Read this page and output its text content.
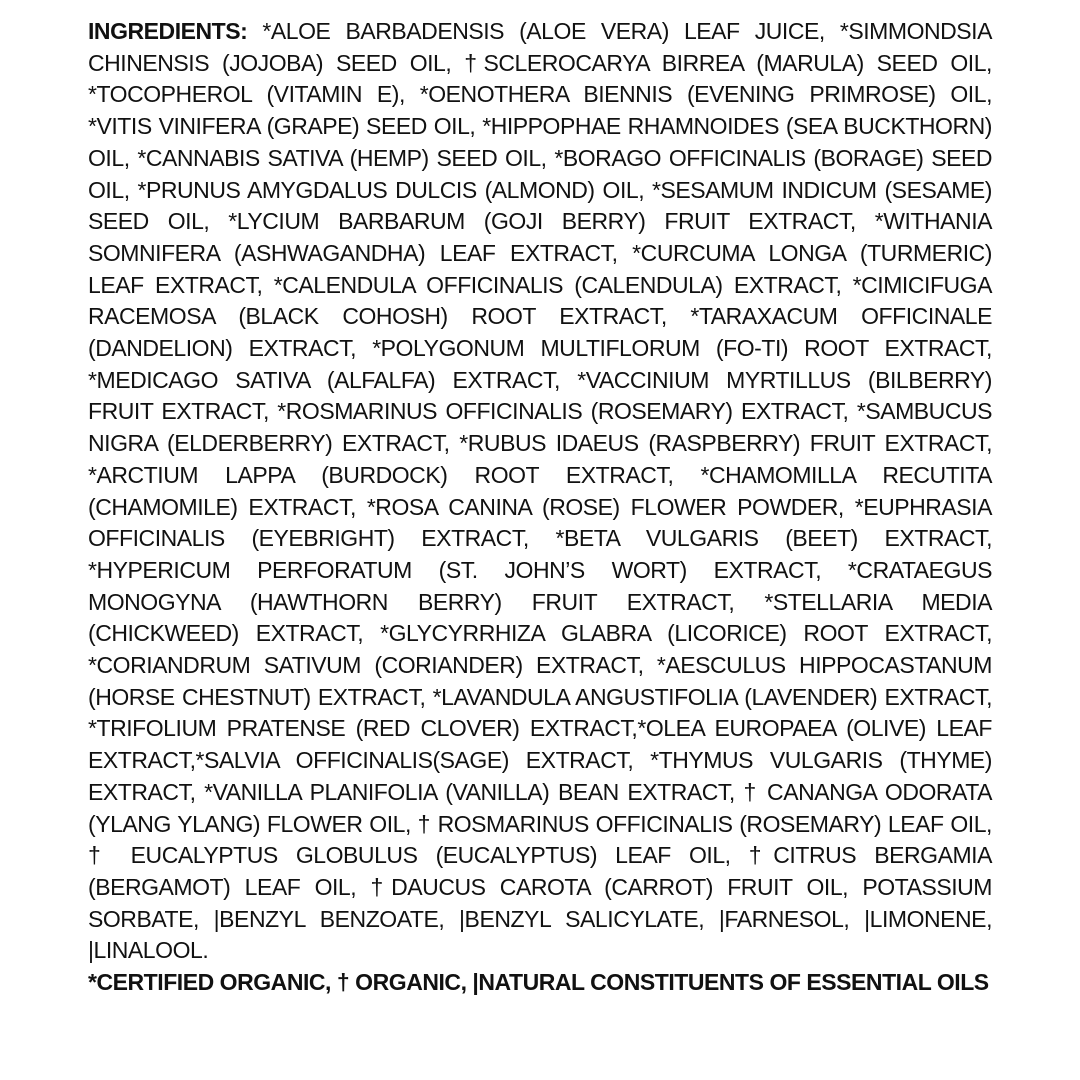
INGREDIENTS: *ALOE BARBADENSIS (ALOE VERA) LEAF JUICE, *SIMMONDSIA CHINENSIS (JOJOBA) SEED OIL, †SCLEROCARYA BIRREA (MARULA) SEED OIL, *TOCOPHEROL (VITAMIN E), *OENOTHERA BIENNIS (EVENING PRIMROSE) OIL, *VITIS VINIFERA (GRAPE) SEED OIL, *HIPPOPHAE RHAMNOIDES (SEA BUCKTHORN) OIL, *CANNABIS SATIVA (HEMP) SEED OIL, *BORAGO OFFICINALIS (BORAGE) SEED OIL, *PRUNUS AMYGDALUS DULCIS (ALMOND) OIL, *SESAMUM INDICUM (SESAME) SEED OIL, *LYCIUM BARBARUM (GOJI BERRY) FRUIT EXTRACT, *WITHANIA SOMNIFERA (ASHWAGANDHA) LEAF EXTRACT, *CURCUMA LONGA (TURMERIC) LEAF EXTRACT, *CALENDULA OFFICINALIS (CALENDULA) EXTRACT, *CIMICIFUGA RACEMOSA (BLACK COHOSH) ROOT EXTRACT, *TARAXACUM OFFICINALE (DANDELION) EXTRACT, *POLYGONUM MULTIFLORUM (FO-TI) ROOT EXTRACT, *MEDICAGO SATIVA (ALFALFA) EXTRACT, *VACCINIUM MYRTILLUS (BILBERRY) FRUIT EXTRACT, *ROSMARINUS OFFICINALIS (ROSEMARY) EXTRACT, *SAMBUCUS NIGRA (ELDERBERRY) EXTRACT, *RUBUS IDAEUS (RASPBERRY) FRUIT EXTRACT, *ARCTIUM LAPPA (BURDOCK) ROOT EXTRACT, *CHAMOMILLA RECUTITA (CHAMOMILE) EXTRACT, *ROSA CANINA (ROSE) FLOWER POWDER, *EUPHRASIA OFFICINALIS (EYEBRIGHT) EXTRACT, *BETA VULGARIS (BEET) EXTRACT, *HYPERICUM PERFORATUM (ST. JOHN’S WORT) EXTRACT, *CRATAEGUS MONOGYNA (HAWTHORN BERRY) FRUIT EXTRACT, *STELLARIA MEDIA (CHICKWEED) EXTRACT, *GLYCYRRHIZA GLABRA (LICORICE) ROOT EXTRACT, *CORIANDRUM SATIVUM (CORIANDER) EXTRACT, *AESCULUS HIPPOCASTANUM (HORSE CHESTNUT) EXTRACT, *LAVANDULA ANGUSTIFOLIA (LAVENDER) EXTRACT, *TRIFOLIUM PRATENSE (RED CLOVER) EXTRACT,*OLEA EUROPAEA (OLIVE) LEAF EXTRACT,*SALVIA OFFICINALIS(SAGE) EXTRACT, *THYMUS VULGARIS (THYME) EXTRACT, *VANILLA PLANIFOLIA (VANILLA) BEAN EXTRACT, † CANANGA ODORATA (YLANG YLANG) FLOWER OIL, † ROSMARINUS OFFICINALIS (ROSEMARY) LEAF OIL, † EUCALYPTUS GLOBULUS (EUCALYPTUS) LEAF OIL, †CITRUS BERGAMIA (BERGAMOT) LEAF OIL, †DAUCUS CAROTA (CARROT) FRUIT OIL, POTASSIUM SORBATE, |BENZYL BENZOATE, |BENZYL SALICYLATE, |FARNESOL, |LIMONENE, |LINALOOL.

*CERTIFIED ORGANIC, † ORGANIC, |NATURAL CONSTITUENTS OF ESSENTIAL OILS
